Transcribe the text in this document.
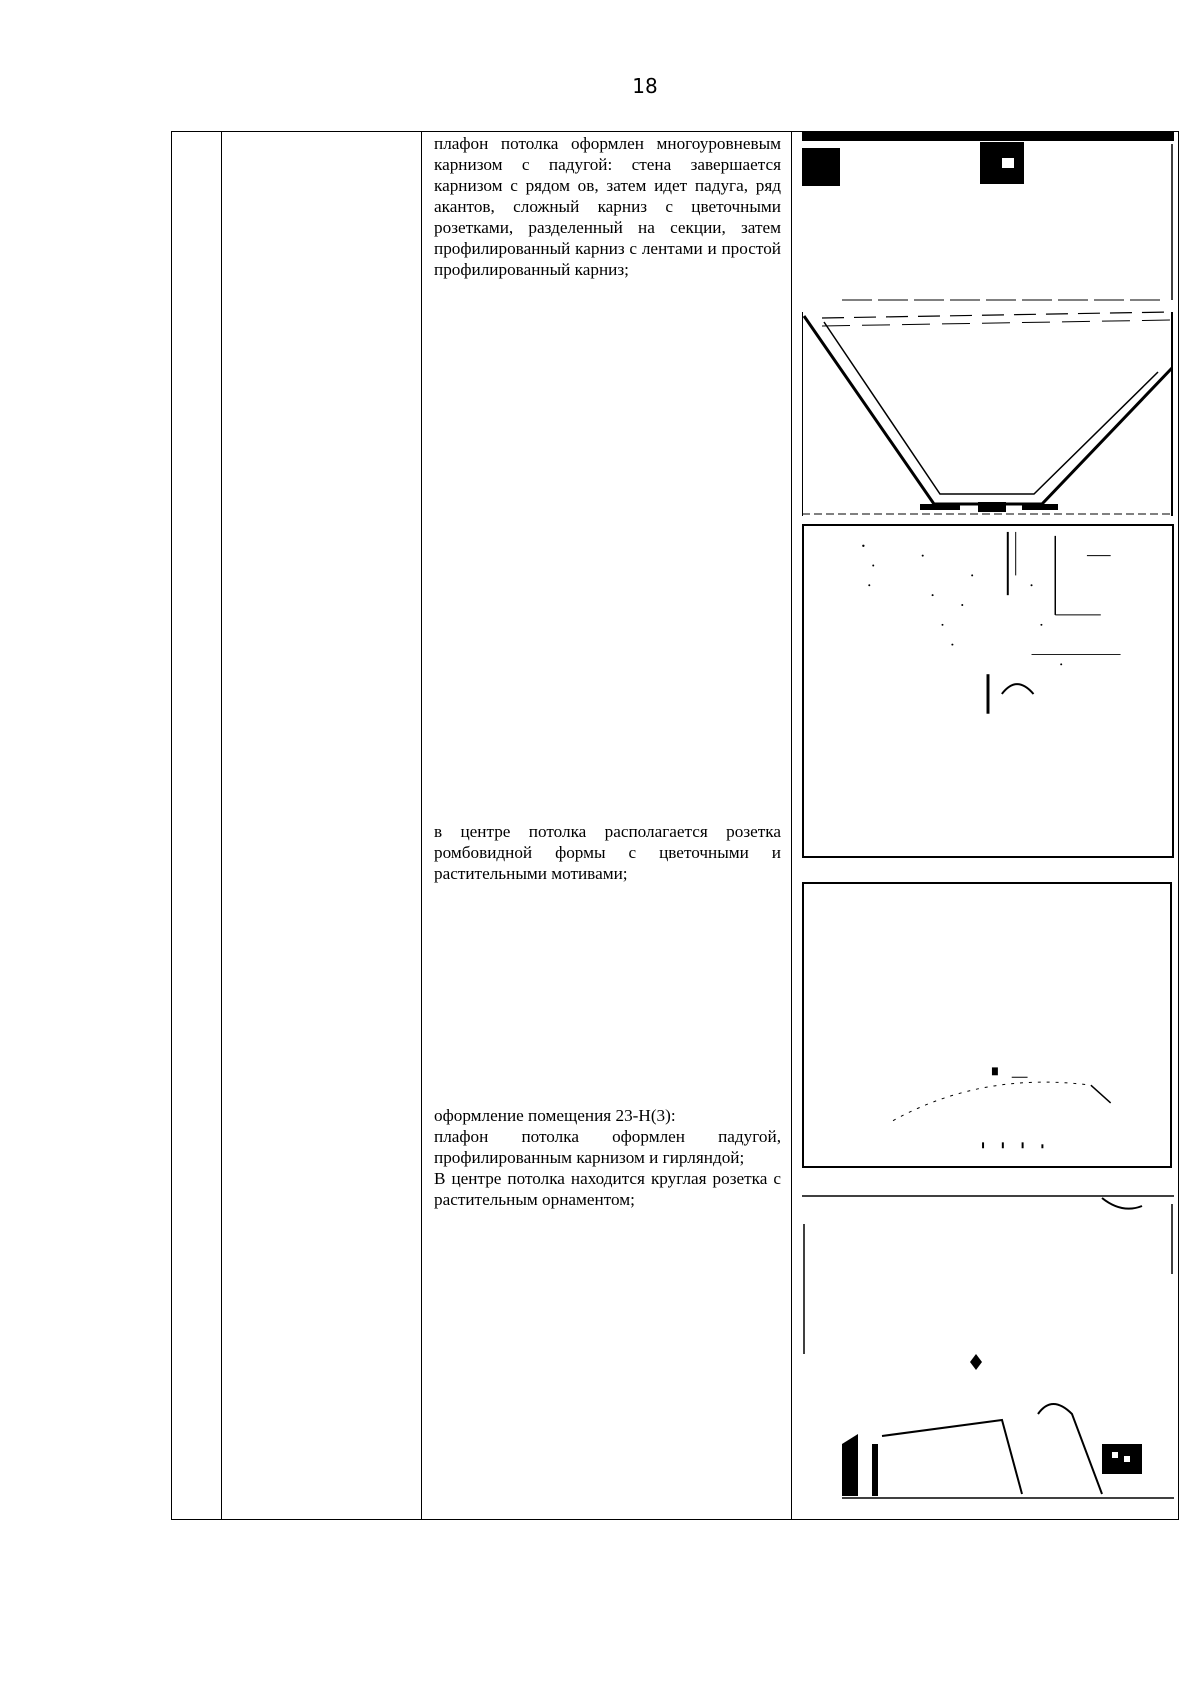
18

плафон потолка оформлен многоуровневым карнизом с падугой: стена завершается карнизом с рядом ов, затем идет падуга, ряд акантов, сложный карниз с цветочными розетками, разделенный на секции, затем профилированный карниз с лентами и простой профилированный карниз;

в центре потолка располагается розетка ромбовидной формы с цветочными и растительными мотивами;

оформление помещения 23-Н(3):

плафон потолка оформлен падугой, профилированным карнизом и гирляндой;

В центре потолка находится круглая розетка с растительным орнаментом;
